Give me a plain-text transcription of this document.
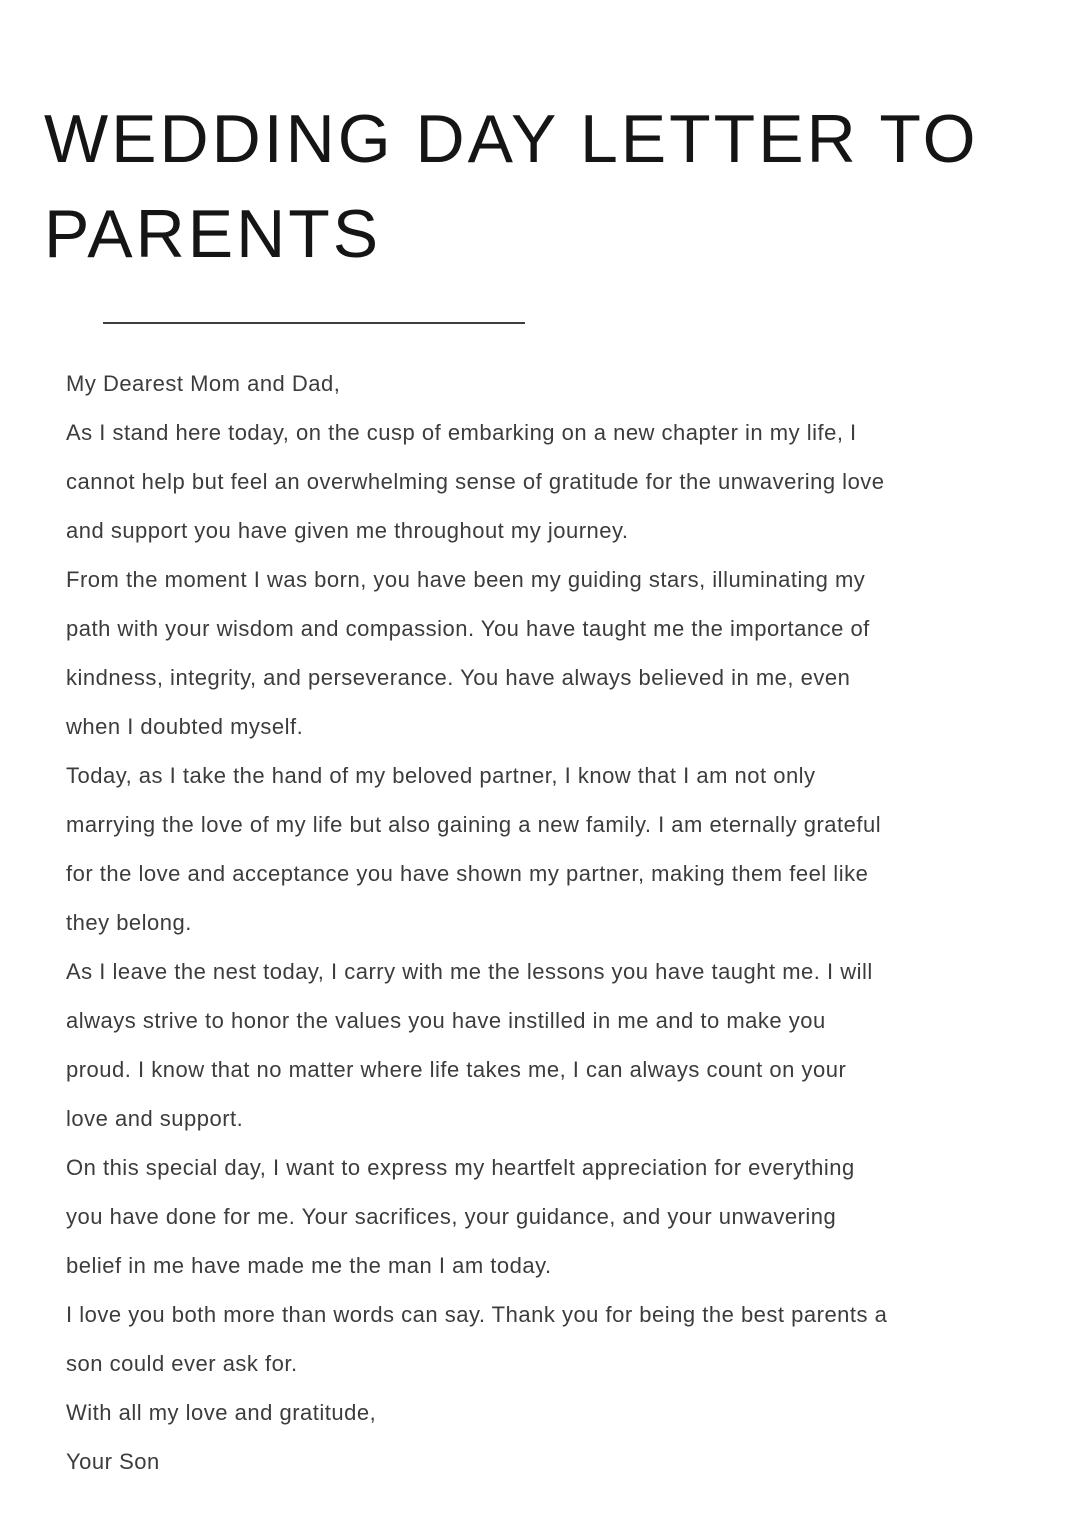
WEDDING DAY LETTER TO
PARENTS

My Dearest Mom and Dad,

As I stand here today, on the cusp of embarking on a new chapter in my life, I

cannot help but feel an overwhelming sense of gratitude for the unwavering love

and support you have given me throughout my journey.

From the moment I was born, you have been my guiding stars, illuminating my

path with your wisdom and compassion. You have taught me the importance of

kindness, integrity, and perseverance. You have always believed in me, even

when I doubted myself.

Today, as I take the hand of my beloved partner, I know that I am not only

marrying the love of my life but also gaining a new family. I am eternally grateful

for the love and acceptance you have shown my partner, making them feel like

they belong.

As I leave the nest today, I carry with me the lessons you have taught me. I will

always strive to honor the values you have instilled in me and to make you

proud. I know that no matter where life takes me, I can always count on your

love and support.

On this special day, I want to express my heartfelt appreciation for everything

you have done for me. Your sacrifices, your guidance, and your unwavering

belief in me have made me the man I am today.

I love you both more than words can say. Thank you for being the best parents a

son could ever ask for.

With all my love and gratitude,

Your Son
